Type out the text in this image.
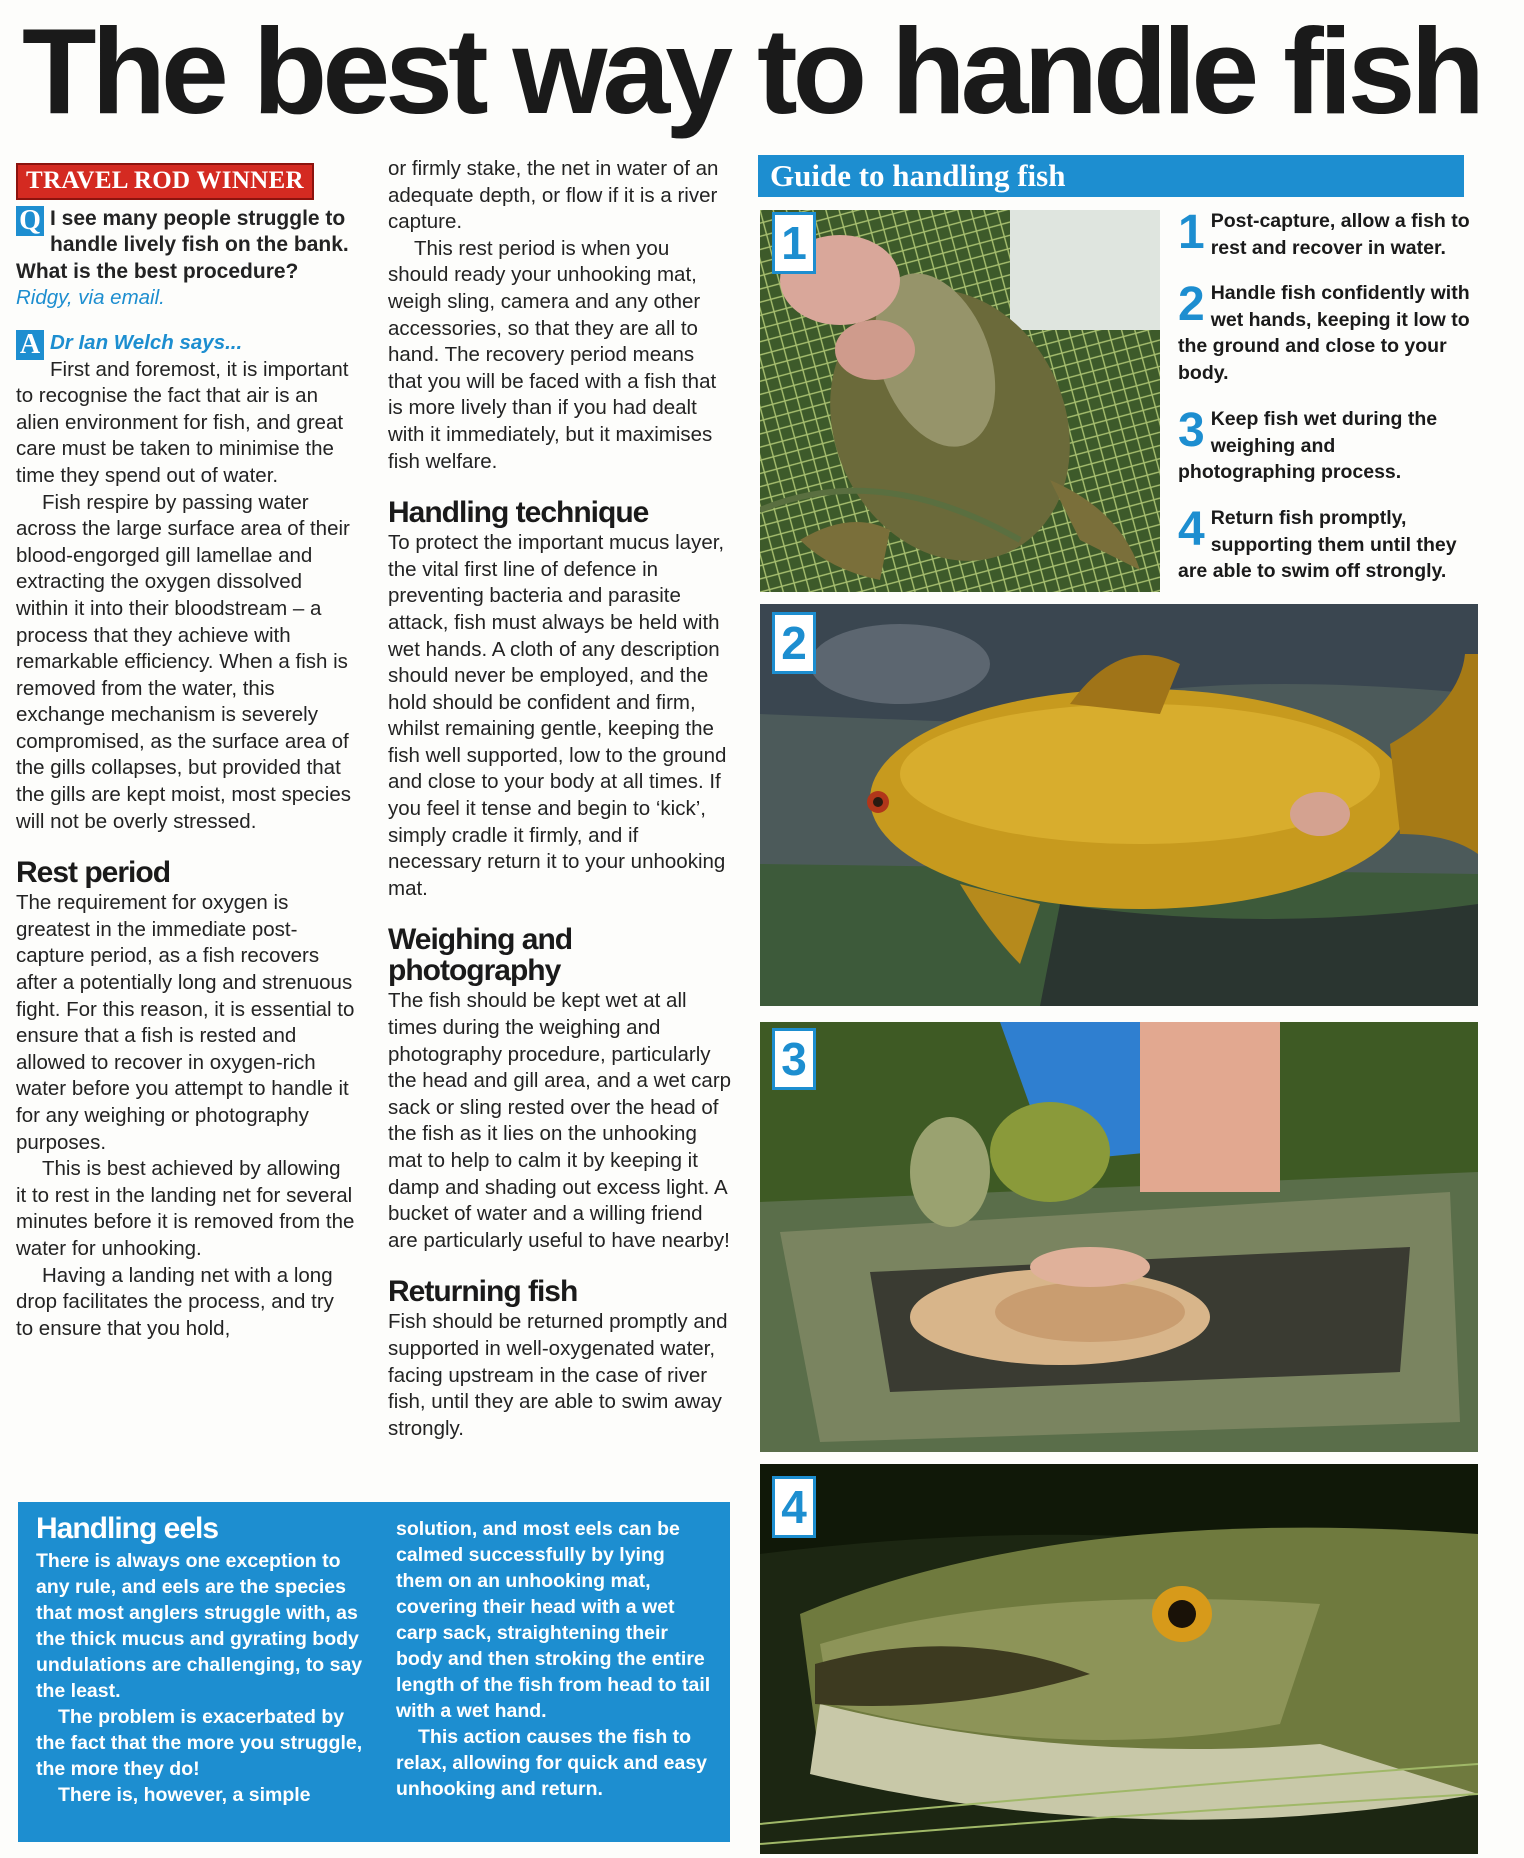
The best way to handle fish
TRAVEL ROD WINNER
Q I see many people struggle to handle lively fish on the bank. What is the best procedure?

Ridgy, via email.

A Dr Ian Welch says...
First and foremost, it is important to recognise the fact that air is an alien environment for fish, and great care must be taken to minimise the time they spend out of water.

Fish respire by passing water across the large surface area of their blood-engorged gill lamellae and extracting the oxygen dissolved within it into their bloodstream – a process that they achieve with remarkable efficiency. When a fish is removed from the water, this exchange mechanism is severely compromised, as the surface area of the gills collapses, but provided that the gills are kept moist, most species will not be overly stressed.

Rest period

The requirement for oxygen is greatest in the immediate post-capture period, as a fish recovers after a potentially long and strenuous fight. For this reason, it is essential to ensure that a fish is rested and allowed to recover in oxygen-rich water before you attempt to handle it for any weighing or photography purposes.

This is best achieved by allowing it to rest in the landing net for several minutes before it is removed from the water for unhooking.

Having a landing net with a long drop facilitates the process, and try to ensure that you hold,

or firmly stake, the net in water of an adequate depth, or flow if it is a river capture.

This rest period is when you should ready your unhooking mat, weigh sling, camera and any other accessories, so that they are all to hand. The recovery period means that you will be faced with a fish that is more lively than if you had dealt with it immediately, but it maximises fish welfare.

Handling technique

To protect the important mucus layer, the vital first line of defence in preventing bacteria and parasite attack, fish must always be held with wet hands. A cloth of any description should never be employed, and the hold should be confident and firm, whilst remaining gentle, keeping the fish well supported, low to the ground and close to your body at all times. If you feel it tense and begin to ‘kick’, simply cradle it firmly, and if necessary return it to your unhooking mat.

Weighing and photography

The fish should be kept wet at all times during the weighing and photography procedure, particularly the head and gill area, and a wet carp sack or sling rested over the head of the fish as it lies on the unhooking mat to help to calm it by keeping it damp and shading out excess light. A bucket of water and a willing friend are particularly useful to have nearby!

Returning fish

Fish should be returned promptly and supported in well-oxygenated water, facing upstream in the case of river fish, until they are able to swim away strongly.

Handling eels

There is always one exception to any rule, and eels are the species that most anglers struggle with, as the thick mucus and gyrating body undulations are challenging, to say the least.

The problem is exacerbated by the fact that the more you struggle, the more they do!

There is, however, a simple

solution, and most eels can be calmed successfully by lying them on an unhooking mat, covering their head with a wet carp sack, straightening their body and then stroking the entire length of the fish from head to tail with a wet hand.

This action causes the fish to relax, allowing for quick and easy unhooking and return.

Guide to handling fish
1
2
3
4
1 Post-capture, allow a fish to rest and recover in water.
2 Handle fish confidently with wet hands, keeping it low to the ground and close to your body.
3 Keep fish wet during the weighing and photographing process.
4 Return fish promptly, supporting them until they are able to swim off strongly.
